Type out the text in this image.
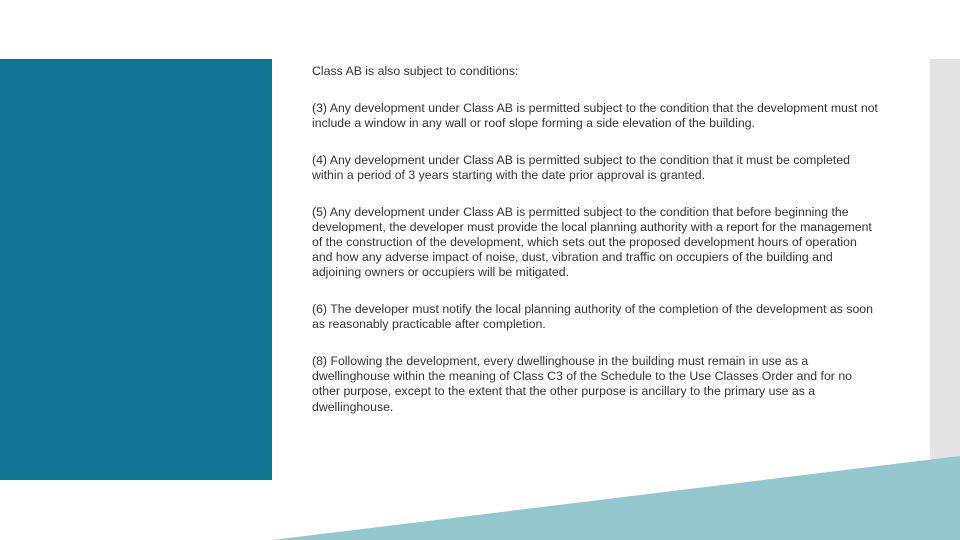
Class AB is also subject to conditions:

(3) Any development under Class AB is permitted subject to the condition that the development must not include a window in any wall or roof slope forming a side elevation of the building.

(4) Any development under Class AB is permitted subject to the condition that it must be completed within a period of 3 years starting with the date prior approval is granted.

(5) Any development under Class AB is permitted subject to the condition that before beginning the development, the developer must provide the local planning authority with a report for the management of the construction of the development, which sets out the proposed development hours of operation and how any adverse impact of noise, dust, vibration and traffic on occupiers of the building and adjoining owners or occupiers will be mitigated.

(6) The developer must notify the local planning authority of the completion of the development as soon as reasonably practicable after completion.

(8) Following the development, every dwellinghouse in the building must remain in use as a dwellinghouse within the meaning of Class C3 of the Schedule to the Use Classes Order and for no other purpose, except to the extent that the other purpose is ancillary to the primary use as a dwellinghouse.
